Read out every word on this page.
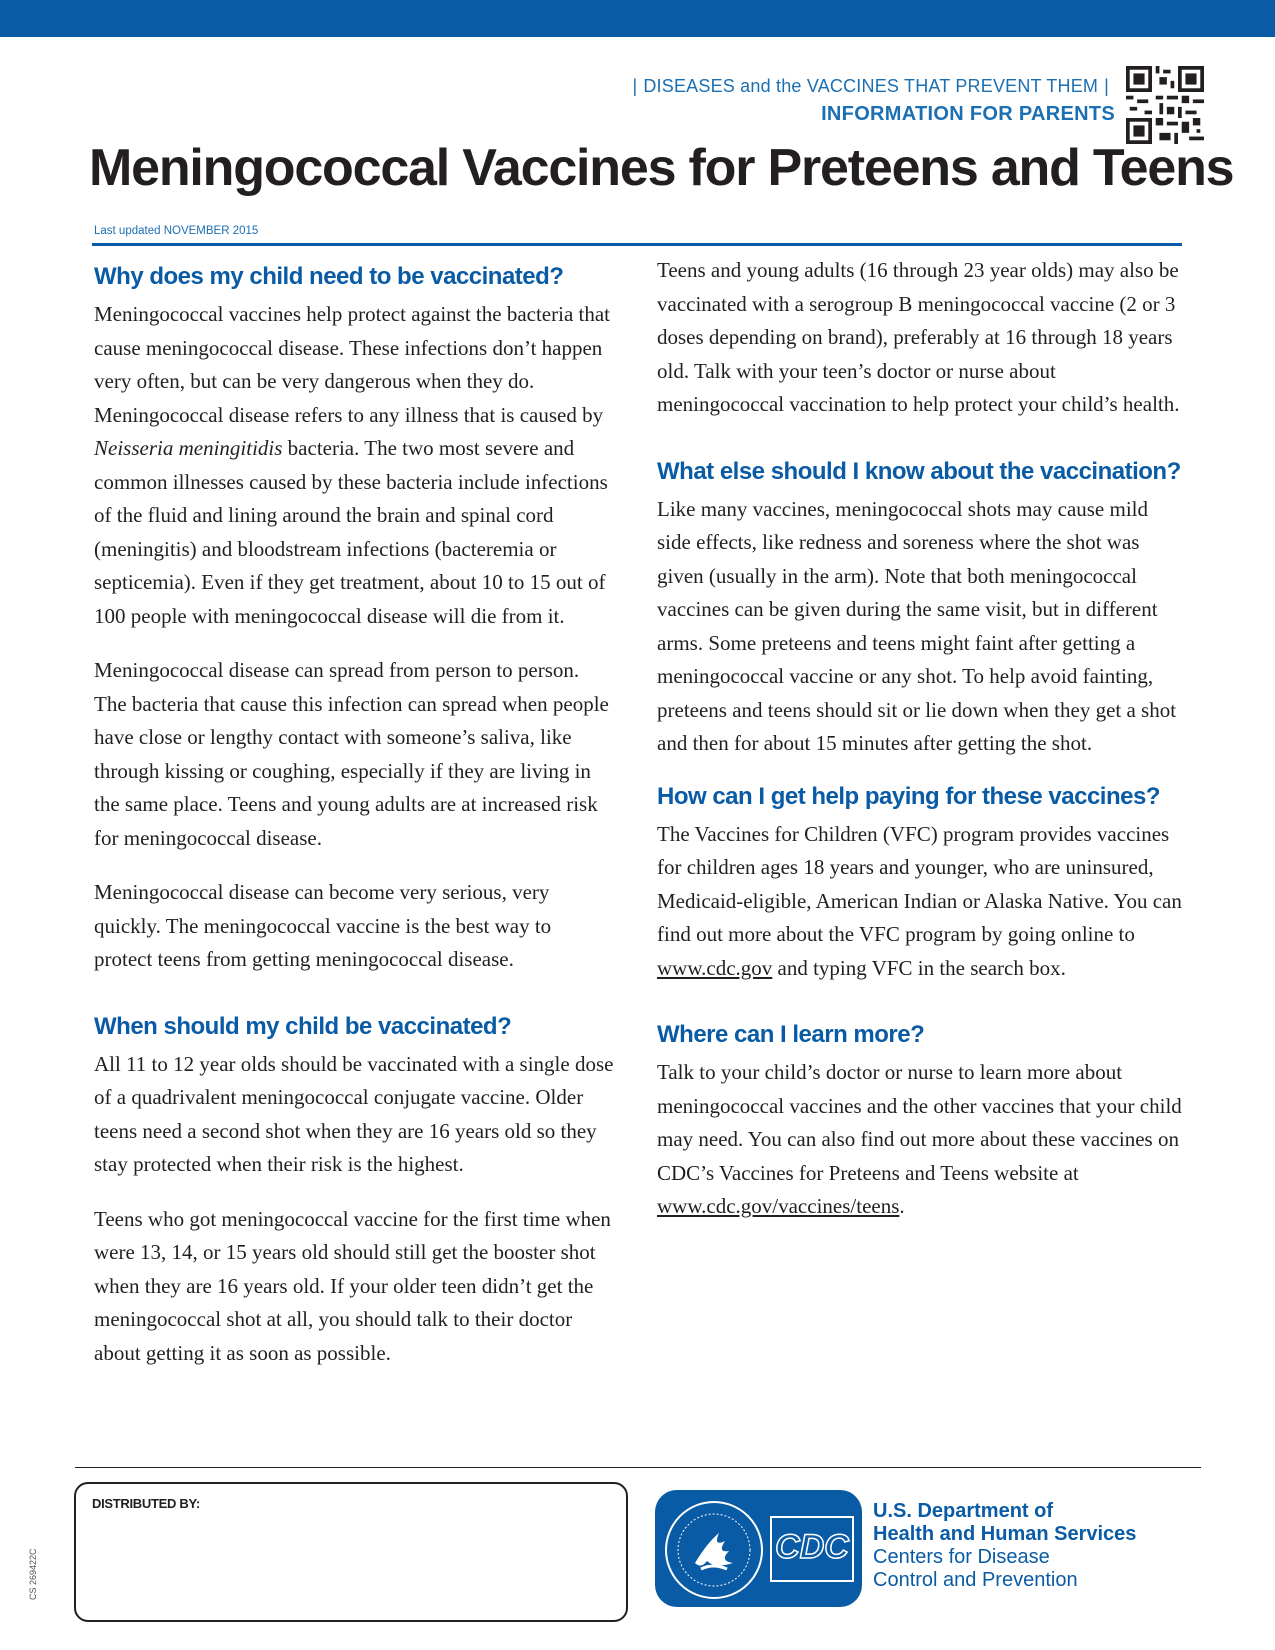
| DISEASES and the VACCINES THAT PREVENT THEM |
INFORMATION FOR PARENTS
Meningococcal Vaccines for Preteens and Teens
Last updated NOVEMBER 2015
Why does my child need to be vaccinated?

Meningococcal vaccines help protect against the bacteria that cause meningococcal disease. These infections don’t happen very often, but can be very dangerous when they do. Meningococcal disease refers to any illness that is caused by Neisseria meningitidis bacteria. The two most severe and common illnesses caused by these bacteria include infections of the fluid and lining around the brain and spinal cord (meningitis) and bloodstream infections (bacteremia or septicemia). Even if they get treatment, about 10 to 15 out of 100 people with meningococcal disease will die from it.

Meningococcal disease can spread from person to person. The bacteria that cause this infection can spread when people have close or lengthy contact with someone’s saliva, like through kissing or coughing, especially if they are living in the same place. Teens and young adults are at increased risk for meningococcal disease.

Meningococcal disease can become very serious, very quickly. The meningococcal vaccine is the best way to protect teens from getting meningococcal disease.

When should my child be vaccinated?

All 11 to 12 year olds should be vaccinated with a single dose of a quadrivalent meningococcal conjugate vaccine. Older teens need a second shot when they are 16 years old so they stay protected when their risk is the highest.

Teens who got meningococcal vaccine for the first time when were 13, 14, or 15 years old should still get the booster shot when they are 16 years old. If your older teen didn’t get the meningococcal shot at all, you should talk to their doctor about getting it as soon as possible.

Teens and young adults (16 through 23 year olds) may also be vaccinated with a serogroup B meningococcal vaccine (2 or 3 doses depending on brand), preferably at 16 through 18 years old. Talk with your teen’s doctor or nurse about meningococcal vaccination to help protect your child’s health.

What else should I know about the vaccination?

Like many vaccines, meningococcal shots may cause mild side effects, like redness and soreness where the shot was given (usually in the arm). Note that both meningococcal vaccines can be given during the same visit, but in different arms. Some preteens and teens might faint after getting a meningococcal vaccine or any shot. To help avoid fainting, preteens and teens should sit or lie down when they get a shot and then for about 15 minutes after getting the shot.

How can I get help paying for these vaccines?

The Vaccines for Children (VFC) program provides vaccines for children ages 18 years and younger, who are uninsured, Medicaid-eligible, American Indian or Alaska Native. You can find out more about the VFC program by going online to www.cdc.gov and typing VFC in the search box.

Where can I learn more?

Talk to your child’s doctor or nurse to learn more about meningococcal vaccines and the other vaccines that your child may need. You can also find out more about these vaccines on CDC’s Vaccines for Preteens and Teens website at www.cdc.gov/vaccines/teens.

DISTRIBUTED BY:
CS 269422C
CDC
U.S. Department of
Health and Human Services
Centers for Disease
Control and Prevention
